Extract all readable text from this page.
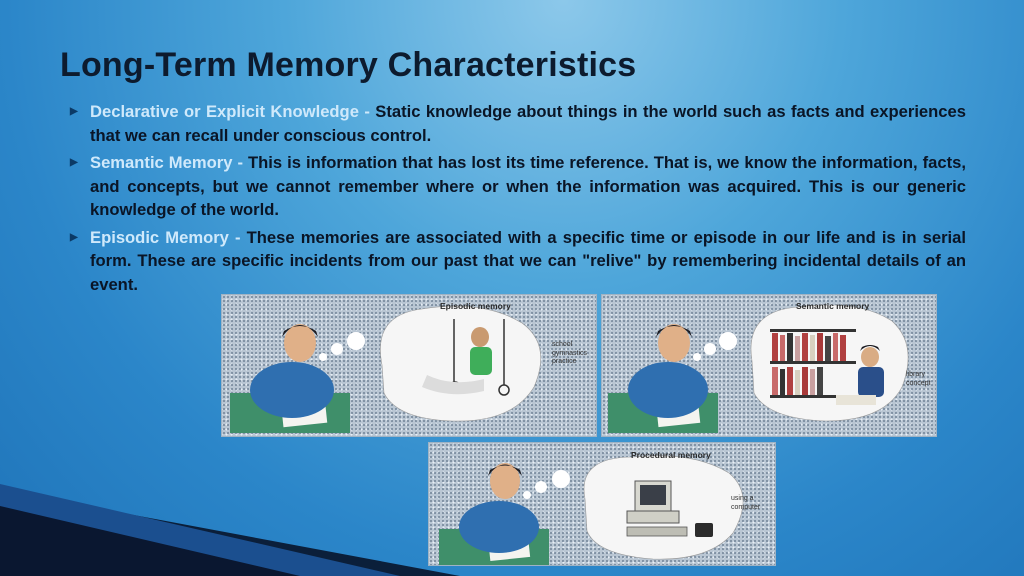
Long-Term Memory Characteristics
▶ Declarative or Explicit Knowledge - Static knowledge about things in the world such as facts and experiences that we can recall under conscious control.
▶ Semantic Memory - This is information that has lost its time reference. That is, we know the information, facts, and concepts, but we cannot remember where or when the information was acquired. This is our generic knowledge of the world.
▶ Episodic Memory - These memories are associated with a specific time or episode in our life and is in serial form. These are specific incidents from our past that we can "relive" by remembering incidental details of an event.
Episodic memory
school gymnastics practice
Semantic memory
library concept
Procedural memory
using a computer
